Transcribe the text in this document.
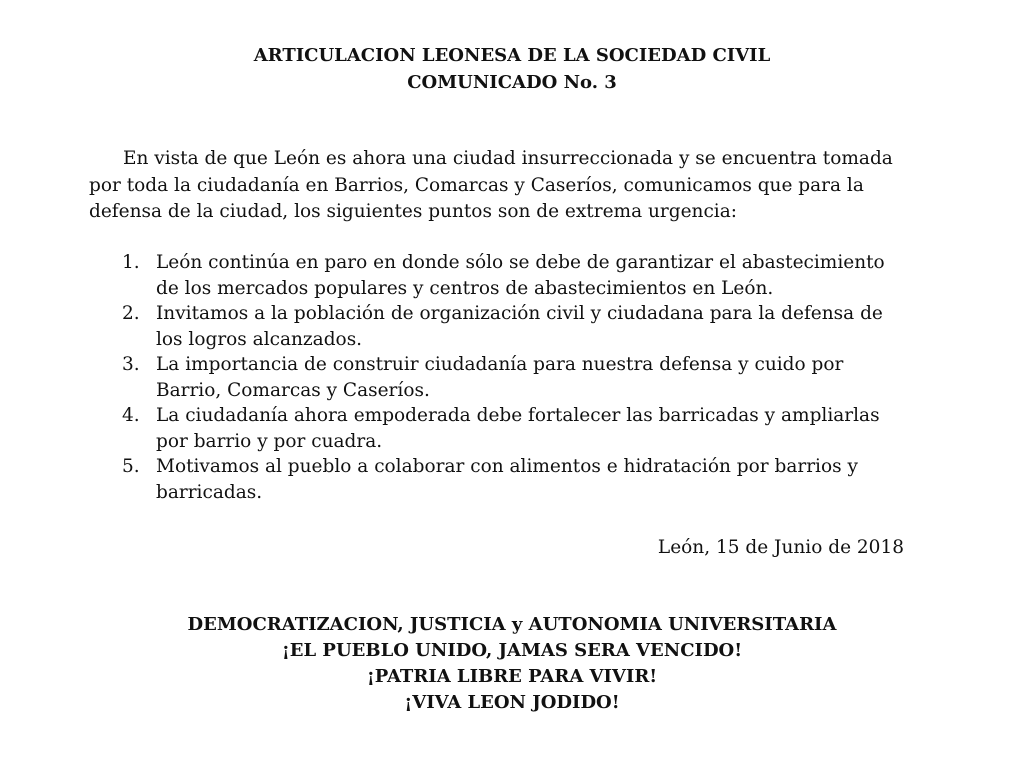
ARTICULACION LEONESA DE LA SOCIEDAD CIVIL
COMUNICADO No. 3

En vista de que León es ahora una ciudad insurreccionada y se encuentra tomada por toda la ciudadanía en Barrios, Comarcas y Caseríos, comunicamos que para la defensa de la ciudad, los siguientes puntos son de extrema urgencia:

1. León continúa en paro en donde sólo se debe de garantizar el abastecimiento de los mercados populares y centros de abastecimientos en León.
2. Invitamos a la población de organización civil y ciudadana para la defensa de los logros alcanzados.
3. La importancia de construir ciudadanía para nuestra defensa y cuido por Barrio, Comarcas y Caseríos.
4. La ciudadanía ahora empoderada debe fortalecer las barricadas y ampliarlas por barrio y por cuadra.
5. Motivamos al pueblo a colaborar con alimentos e hidratación por barrios y barricadas.
León, 15 de Junio de 2018
DEMOCRATIZACION, JUSTICIA y AUTONOMIA UNIVERSITARIA
¡EL PUEBLO UNIDO, JAMAS SERA VENCIDO!
¡PATRIA LIBRE PARA VIVIR!
¡VIVA LEON JODIDO!
